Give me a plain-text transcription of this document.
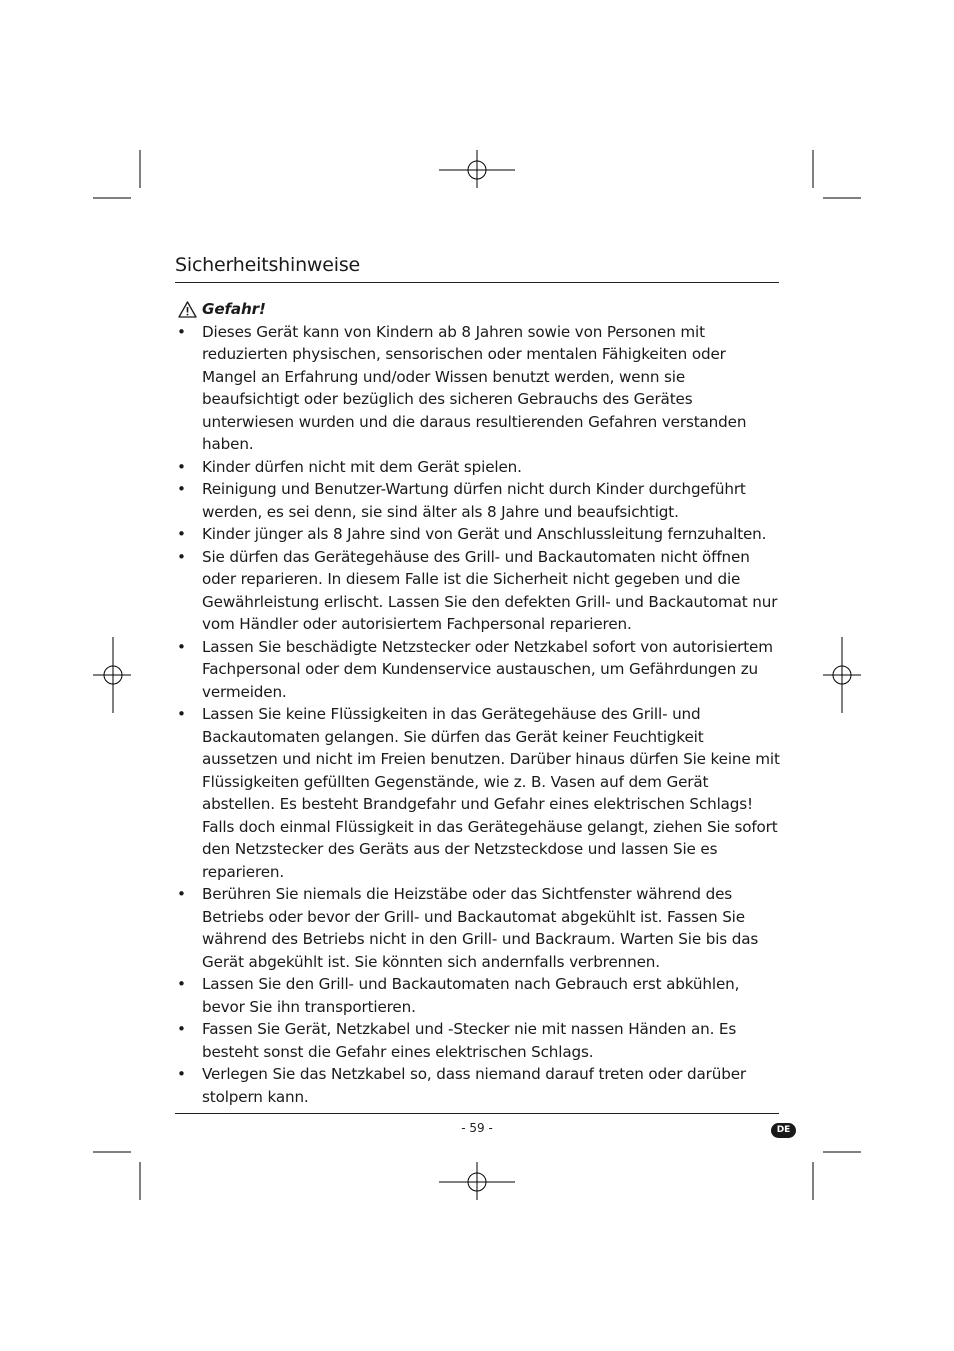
Sicherheitshinweise
Gefahr!
• Dieses Gerät kann von Kindern ab 8 Jahren sowie von Personen mit reduzierten physischen, sensorischen oder mentalen Fähigkeiten oder Mangel an Erfahrung und/oder Wissen benutzt werden, wenn sie beaufsichtigt oder bezüglich des sicheren Gebrauchs des Gerätes unterwiesen wurden und die daraus resultierenden Gefahren verstanden haben.
• Kinder dürfen nicht mit dem Gerät spielen.
• Reinigung und Benutzer-Wartung dürfen nicht durch Kinder durchgeführt werden, es sei denn, sie sind älter als 8 Jahre und beaufsichtigt.
• Kinder jünger als 8 Jahre sind von Gerät und Anschlussleitung fernzuhalten.
• Sie dürfen das Gerätegehäuse des Grill- und Backautomaten nicht öffnen oder reparieren. In diesem Falle ist die Sicherheit nicht gegeben und die Gewährleistung erlischt. Lassen Sie den defekten Grill- und Backautomat nur vom Händler oder autorisiertem Fachpersonal reparieren.
• Lassen Sie beschädigte Netzstecker oder Netzkabel sofort von autorisiertem Fachpersonal oder dem Kundenservice austauschen, um Gefährdungen zu vermeiden.
• Lassen Sie keine Flüssigkeiten in das Gerätegehäuse des Grill- und Backautomaten gelangen. Sie dürfen das Gerät keiner Feuchtigkeit aussetzen und nicht im Freien benutzen. Darüber hinaus dürfen Sie keine mit Flüssigkeiten gefüllten Gegenstände, wie z. B. Vasen auf dem Gerät abstellen. Es besteht Brandgefahr und Gefahr eines elektrischen Schlags! Falls doch einmal Flüssigkeit in das Gerätegehäuse gelangt, ziehen Sie sofort den Netzstecker des Geräts aus der Netzsteckdose und lassen Sie es reparieren.
• Berühren Sie niemals die Heizstäbe oder das Sichtfenster während des Betriebs oder bevor der Grill- und Backautomat abgekühlt ist. Fassen Sie während des Betriebs nicht in den Grill- und Backraum. Warten Sie bis das Gerät abgekühlt ist. Sie könnten sich andernfalls verbrennen.
• Lassen Sie den Grill- und Backautomaten nach Gebrauch erst abkühlen, bevor Sie ihn transportieren.
• Fassen Sie Gerät, Netzkabel und -Stecker nie mit nassen Händen an. Es besteht sonst die Gefahr eines elektrischen Schlags.
• Verlegen Sie das Netzkabel so, dass niemand darauf treten oder darüber stolpern kann.
- 59 -	DE
